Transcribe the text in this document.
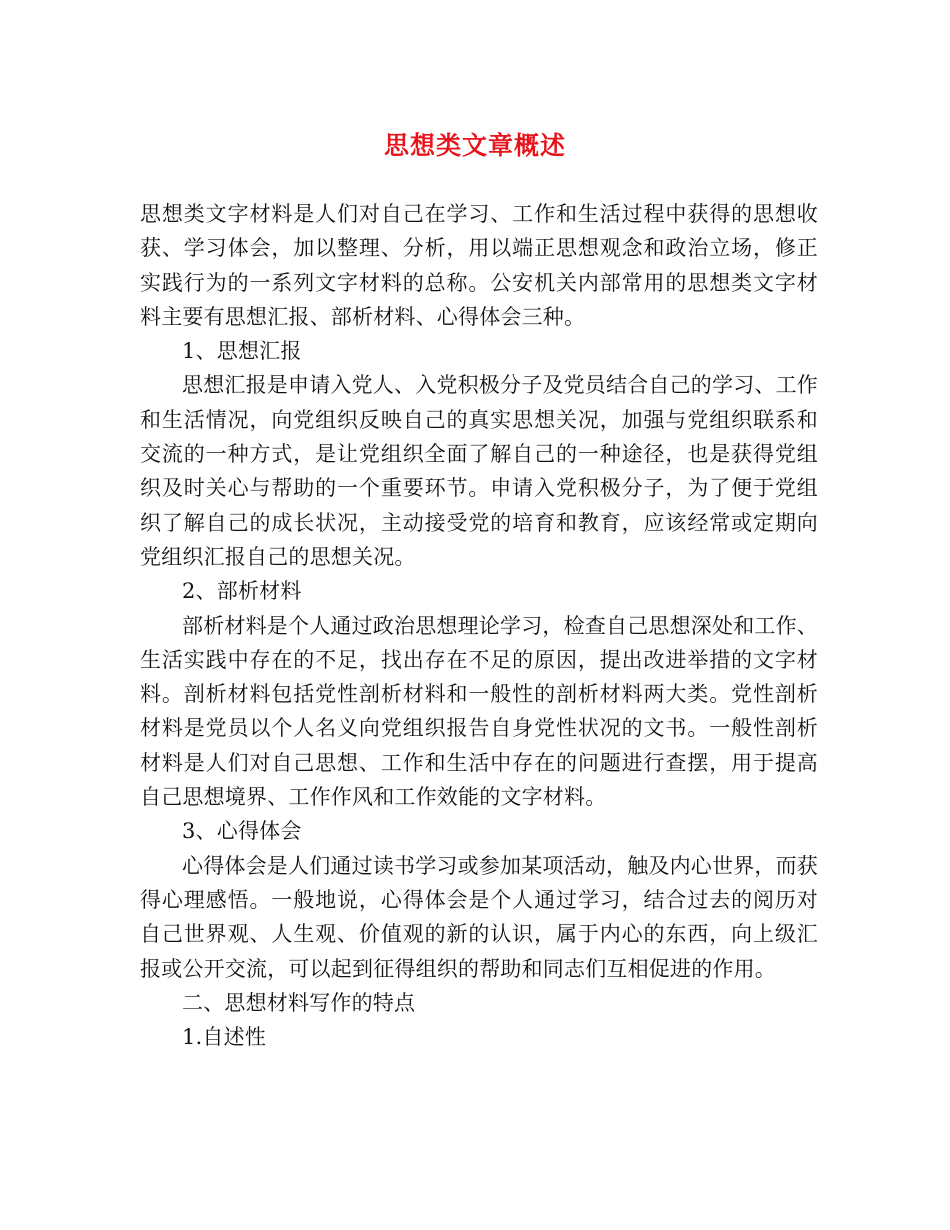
思想类文章概述

思想类文字材料是人们对自己在学习、工作和生活过程中获得的思想收获、学习体会，加以整理、分析，用以端正思想观念和政治立场，修正实践行为的一系列文字材料的总称。公安机关内部常用的思想类文字材料主要有思想汇报、部析材料、心得体会三种。

1、思想汇报

思想汇报是申请入党人、入党积极分子及党员结合自己的学习、工作和生活情况，向党组织反映自己的真实思想关况，加强与党组织联系和交流的一种方式，是让党组织全面了解自己的一种途径，也是获得党组织及时关心与帮助的一个重要环节。申请入党积极分子，为了便于党组织了解自己的成长状况，主动接受党的培育和教育，应该经常或定期向党组织汇报自己的思想关况。

2、部析材料

部析材料是个人通过政治思想理论学习，检查自己思想深处和工作、生活实践中存在的不足，找出存在不足的原因，提出改进举措的文字材料。剖析材料包括党性剖析材料和一般性的剖析材料两大类。党性剖析材料是党员以个人名义向党组织报告自身党性状况的文书。一般性剖析材料是人们对自己思想、工作和生活中存在的问题进行查摆，用于提高自己思想境界、工作作风和工作效能的文字材料。

3、心得体会

心得体会是人们通过读书学习或参加某项活动，触及内心世界，而获得心理感悟。一般地说，心得体会是个人通过学习，结合过去的阅历对自己世界观、人生观、价值观的新的认识，属于内心的东西，向上级汇报或公开交流，可以起到征得组织的帮助和同志们互相促进的作用。

二、思想材料写作的特点

1.自述性
